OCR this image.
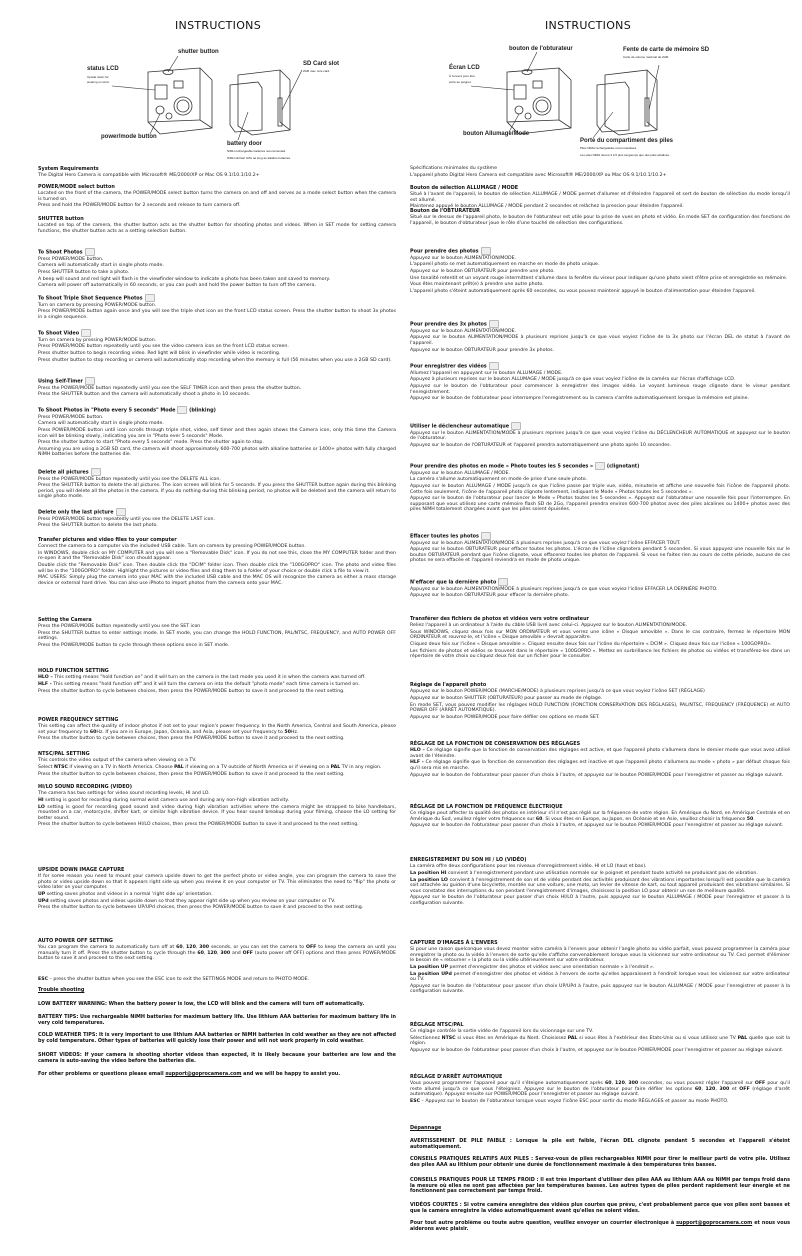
INSTRUCTIONS
shutter button
status LCD
Upside down for
wearing on wrist.
SD Card slot
2GB max. size card.
power/mode button
battery door
NiMH rechargeable batteries recommended.
NiMH will last 4x5x as long as alkaline batteries.
System Requirements

The Digital Hero Camera is compatible with Microsoft® ME/2000/XP or Mac OS 9.1/10.1/10.2+

POWER/MODE select button

Located on the front of the camera, the POWER/MODE select button turns the camera on and off and serves as a mode select button when the camera is turned on.

Press and hold the POWER/MODE button for 2 seconds and release to turn camera off.

SHUTTER button

Located on top of the camera, the shutter button acts as the shutter button for shooting photos and videos. When in SET mode for setting camera functions, the shutter button acts as a setting selection button.

To Shoot Photos

Press POWER/MODE button.

Camera will automatically start in single photo mode.

Press SHUTTER button to take a photo.

A beep will sound and red light will flash in the viewfinder window to indicate a photo has been taken and saved to memory.

Camera will power off automatically in 60 seconds, or you can push and hold the power button to turn off the camera.

To Shoot Triple Shot Sequence Photos

Turn on camera by pressing POWER/MODE button.

Press POWER/MODE button again once and you will see the triple shot icon on the front LCD status screen. Press the shutter button to shoot 3x photos in a single sequence.

To Shoot Video

Turn on camera by pressing POWER/MODE button.

Press POWER/MODE button repeatedly until you see the video camera icon on the front LCD status screen.

Press shutter button to begin recording video. Red light will blink in viewfinder while video is recording.

Press shutter button to stop recording or camera will automatically stop recording when the memory is full (56 minutes when you use a 2GB SD card).

Using Self-Timer

Press the POWER/MODE button repeatedly until you see the SELF TIMER icon and then press the shutter button.

Press the SHUTTER button and the camera will automatically shoot a photo in 10 seconds.

To Shoot Photos in "Photo every 5 seconds" Mode (blinking)

Press POWER/MODE button.

Camera will automatically start in single photo mode.

Press POWER/MODE button until icon scrolls through triple shot, video, self timer and then again shows the Camera icon, only this time the Camera icon will be blinking slowly, indicating you are in "Photo ever 5 seconds" Mode.

Press the shutter button to start "Photo every 5 seconds" mode. Press the shutter again to stop.

Assuming you are using a 2GB SD card, the camera will shoot approximately 600-700 photos with alkaline batteries or 1400+ photos with fully charged NiMH batteries before the batteries die.

Delete all pictures

Press the POWER/MODE button repeatedly until you see the DELETE ALL icon.

Press the SHUTTER button to delete the all pictures. The icon screen will blink for 5 seconds. If you press the SHUTTER button again during this blinking period, you will delete all the photos in the camera. If you do nothing during this blinking period, no photos will be deleted and the camera will return to single photo mode.

Delete only the last picture

Press POWER/MODE button repeatedly until you see the DELETE LAST icon.

Press the SHUTTER button to delete the last photo.

Transfer pictures and video files to your computer

Connect the camera to a computer via the included USB cable. Turn on camera by pressing POWER/MODE button.

In WINDOWS, double click on MY COMPUTER and you will see a "Removable Disk" icon. If you do not see this, close the MY COMPUTER folder and then re-open it and the "Removable Disk" icon should appear.

Double click the "Removable Disk" icon. Then double click the "DCIM" folder icon. Then double click the "100GOPRO" icon. The photo and video files will be in the "100GOPRO" folder. Highlight the pictures or video files and drag them to a folder of your choice or double click a file to view it.

MAC USERS: Simply plug the camera into your MAC with the included USB cable and the MAC OS will recognize the camera as either a mass storage device or external hard drive. You can also use iPhoto to import photos from the camera onto your MAC.

Setting the Camera

Press the POWER/MODE button repeatedly until you see the SET icon

Press the SHUTTER button to enter settings mode. In SET mode, you can change the HOLD FUNCTION, PAL/NTSC, FREQUENCY, and AUTO POWER OFF settings.

Press the POWER/MODE button to cycle through these options once in SET mode.

HOLD FUNCTION SETTING

HLO – This setting means "hold function on" and it will turn on the camera in the last mode you used it in when the camera was turned off.

HLF - This setting means "hold function off" and it will turn the camera on into the default "photo mode" each time camera is turned on.

Press the shutter button to cycle between choices, then press the POWER/MODE button to save it and proceed to the next setting.

POWER FREQUENCY SETTING

This setting can affect the quality of indoor photos if not set to your region's power frequency. In the North America, Central and South America, please set your frequency to 60Hz. If you are in Europe, Japan, Oceania, and Asia, please set your frequency to 50Hz.

Press the shutter button to cycle between choices, then press the POWER/MODE button to save it and proceed to the next setting.

NTSC/PAL SETTING

This controls the video output of the camera when viewing on a TV.

Select NTSC if viewing on a TV in North America. Choose PAL if viewing on a TV outside of North America or if viewing on a PAL TV in any region.

Press the shutter button to cycle between choices, then press the POWER/MODE button to save it and proceed to the next setting.

HI/LO SOUND RECORDING (VIDEO)

The camera has two settings for video sound recording levels, HI and LO.

HI setting is good for recording during normal wrist camera use and during any non-high vibration activity.

LO setting is good for recording good sound and video during high vibration activities where the camera might be strapped to bike handlebars, mounted on a car, motorcycle, shifter kart, or similar high vibration device. If you hear sound breakup during your filming, choose the LO setting for better sound.

Press the shutter button to cycle between HI/LO choices, then press the POWER/MODE button to save it and proceed to the next setting.

UPSIDE DOWN IMAGE CAPTURE

If for some reason you need to mount your camera upside down to get the perfect photo or video angle, you can program the camera to save the photo or video upside down so that it appears right side up when you review it on your computer or TV. This eliminates the need to "flip" the photo or video later on your computer.

UP setting saves photos and videos in a normal 'right side up' orientation.

UPd setting saves photos and videos upside down so that they appear right side up when you review on your computer or TV.

Press the shutter button to cycle between UP/UPd choices, then press the POWER/MODE button to save it and proceed to the next setting.

AUTO POWER OFF SETTING

You can program the camera to automatically turn off at 60, 120, 300 seconds, or you can set the camera to OFF to keep the camera on until you manually turn it off. Press the shutter button to cycle through the 60, 120, 300 and OFF (auto power off OFF) options and then press POWER/MODE button to save it and proceed to the next setting.

ESC – press the shutter button when you see the ESC icon to exit the SETTINGS MODE and return to PHOTO MODE.

Trouble shooting

LOW BATTERY WARNING: When the battery power is low, the LCD will blink and the camera will turn off automatically.

BATTERY TIPS: Use rechargeable NiMH batteries for maximum battery life. Use lithium AAA batteries for maximum battery life in very cold temperatures.

COLD WEATHER TIPS: It is very important to use lithium AAA batteries or NiMH batteries in cold weather as they are not affected by cold temperature. Other types of batteries will quickly lose their power and will not work properly in cold weather.

SHORT VIDEOS: If your camera is shooting shorter videos than expected, it is likely because your batteries are low and the camera is auto-saving the video before the batteries die.

For other problems or questions please email support@goprocamera.com and we will be happy to assist you.

INSTRUCTIONS
bouton de l'obturateur
Écran LCD
À l'envers pour être
porté au poignet.
Fente de carte de mémoire SD
Carte de volume maximal de 2GB.
bouton Allumage/Mode
Porte du compartiment des piles
Piles NiMH rechargeables recommandées.
Les piles NiMH durent 4 à 5 plus longtemps que des piles alcalines.

Spécifications minimales du système

L'appareil photo Digital Hero Camera est compatible avec Microsoft® ME/2000/XP ou Mac OS 9.1/10.1/10.2+

Bouton de sélection ALLUMAGE / MODE

Situé à l'avant de l'appareil, le bouton de sélection ALLUMAGE / MODE permet d'allumer et d'éteindre l'appareil et sert de bouton de sélection du mode lorsqu'il est allumé.

Maintenez appuyé le bouton ALLUMAGE / MODE pendant 2 secondes et relâchez la pression pour éteindre l'appareil.

Bouton de l'OBTURATEUR

Situé sur le dessus de l'appareil photo, le bouton de l'obturateur est utile pour la prise de vues en photo et vidéo. En mode SET de configuration des fonctions de l'appareil, le bouton d'obturateur joue le rôle d'une touché de sélection des configurations.

Pour prendre des photos

Appuyez sur le bouton ALIMENTATION/MODE.

L'appareil photo se met automatiquement en marche en mode de photo unique.

Appuyez sur le bouton OBTURATEUR pour prendre une photo.

Une tonalité retentit et un voyant rouge intermittent s'allume dans la fenêtre du viseur pour indiquer qu'une photo vient d'être prise et enregistrée en mémoire.

Vous êtes maintenant prêt(e) à prendre une autre photo.

L'appareil photo s'éteint automatiquement après 60 secondes, ou vous pouvez maintenir appuyé le bouton d'alimentation pour éteindre l'appareil.

Pour prendre des 3x photos

Appuyez sur le bouton ALIMENTATION/MODE.

Appuyez sur le bouton ALIMENTATION/MODE à plusieurs reprises jusqu'à ce que vous voyiez l'icône de la 3x photo sur l'écran DEL de statut à l'avant de l'appareil.

Appuyez sur le bouton OBTURATEUR pour prendre 3x photos.

Pour enregistrer des vidéos

Allumez l'appareil en appuyant sur le bouton ALLUMAGE / MODE.

Appuyez à plusieurs reprises sur le bouton ALLUMAGE / MODE jusqu'à ce que vous voyiez l'icône de la caméra sur l'écran d'affichage LCD.

Appuyez sur le bouton de l'obturateur pour commencer à enregistrer des images vidéo. Le voyant lumineux rouge clignote dans le viseur pendant l'enregistrement.

Appuyez sur le bouton de l'obturateur pour interrompre l'enregistrement ou la camera s'arrête automatiquement lorsque la mémoire est pleine.

Utiliser le déclencheur automatique

Appuyez sur le bouton ALIMENTATION/MODE à plusieurs reprises jusqu'à ce que vous voyiez l'icône du DÉCLENCHEUR AUTOMATIQUE et appuyez sur le bouton de l'obturateur.

Appuyez sur le bouton de l'OBTURATEUR et l'appareil prendra automatiquement une photo après 10 secondes.

Pour prendre des photos en mode « Photo toutes les 5 secondes » (clignotant)

Appuyez sur le bouton ALLUMAGE / MODE.

La caméra s'allume automatiquement en mode de prise d'une seule photo.

Appuyez sur le bouton ALLUMAGE / MODE jusqu'à ce que l'icône passe par triple vue, vidéo, minuterie et affiche une nouvelle fois l'icône de l'appareil photo. Cette fois seulement, l'icône de l'appareil photo clignote lentement, indiquant le Mode « Photos toutes les 5 secondes ».

Appuyez sur le bouton de l'obturateur pour lancer le Mode « Photos toutes les 5 secondes ». Appuyez sur l'obturateur une nouvelle fois pour l'interrompre. En supposant que vous utilisez une carte mémoire flash SD de 2Go, l'appareil prendra environ 600-700 photos avec des piles alcalines ou 1400+ photos avec des piles NiMH totalement chargées avant que les piles soient épuisées.

Effacer toutes les photos

Appuyez sur le bouton ALIMENTATION/MODE à plusieurs reprises jusqu'à ce que vous voyiez l'icône EFFACER TOUT.

Appuyez sur le bouton OBTURATEUR pour effacer toutes les photos. L'écran de l'icône clignotera pendant 5 secondes. Si vous appuyez une nouvelle fois sur le bouton OBTURATEUR pendant que l'icône clignote, vous effacerez toutes les photos de l'appareil. Si vous ne faites rien au cours de cette période, aucune de ces photos ne sera effacée et l'appareil reviendra en mode de photo unique.

N'effacer que la dernière photo

Appuyez sur le bouton ALIMENTATION/MODE à plusieurs reprises jusqu'à ce que vous voyiez l'icône EFFACER LA DERNIÈRE PHOTO.

Appuyez sur le bouton OBTURATEUR pour effacer la dernière photo.

Transférer des fichiers de photos et vidéos vers votre ordinateur

Reliez l'appareil à un ordinateur à l'aide du câble USB livré avec celui-ci. Appuyez sur le bouton ALIMENTATION/MODE.

Sous WINDOWS, cliquez deux fois sur MON ORDINATEUR et vous verrez une icône « Disque amovible ». Dans le cas contraire, fermez le répertoire MON ORDINATEUR et rouvrez-le, et l'icône « Disque amovible » devrait apparaître.

Cliquez deux fois sur l'icône « Disque amovible ». Cliquez ensuite deux fois sur l'icône du répertoire « DCIM ». Cliquez deux fois sur l'icône « 100GOPRO».

Les fichiers de photos et vidéos se trouvent dans le répertoire « 100GOPRO ». Mettez en surbrillance les fichiers de photos ou vidéos et transférez-les dans un répertoire de votre choix ou cliquez deux fois sur un fichier pour le consulter.

Réglage de l'appareil photo

Appuyez sur le bouton POWER/MODE (MARCHE/MODE) à plusieurs reprises jusqu'à ce que vous voyiez l'icône SET (RÉGLAGE)

Appuyez sur le bouton SHUTTER (OBTURATEUR) pour passer au mode de réglage.

En mode SET, vous pouvez modifier les réglages HOLD FUNCTION (FONCTION CONSERVATION DES RÉGLAGES), PAL/NTSC, FREQUENCY (FRÉQUENCE) et AUTO POWER OFF (ARRÊT AUTOMATIQUE).

Appuyez sur le bouton POWER/MODE pour faire défiler ces options en mode SET.

RÉGLAGE DE LA FONCTION DE CONSERVATION DES RÉGLAGES

HLO – Ce réglage signifie que la fonction de conservation des réglages est active, et que l'appareil photo s'allumera dans le dernier mode que vous avez utilisé avant de l'éteindre.

HLF - Ce réglage signifie que la fonction de conservation des réglages est inactive et que l'appareil photo s'allumera au mode « photo » par défaut chaque fois qu'il sera mis en marche.

Appuyez sur le bouton de l'obturateur pour passer d'un choix à l'autre, et appuyez sur le bouton POWER/MODE pour l'enregistrer et passer au réglage suivant.

RÉGLAGE DE LA FONCTION DE FRÉQUENCE ÉLECTRIQUE

Ce réglage peut affecter la qualité des photos en intérieur s'il n'est pas réglé sur la fréquence de votre région. En Amérique du Nord, en Amérique Centrale et en Amérique du Sud, veuillez régler votre fréquence sur 60. Si vous êtes en Europe, au Japon, en Océanie et en Asie, veuillez choisir la fréquence 50.

Appuyez sur le bouton de l'obturateur pour passer d'un choix à l'autre, et appuyez sur le bouton POWER/MODE pour l'enregistrer et passer au réglage suivant.

ENREGISTREMENT DU SON HI / LO (VIDÉO)

La caméra offre deux configurations pour les niveaux d'enregistrement vidéo. HI et LO (haut et bas).

La position HI convient à l'enregistrement pendant une utilisation normale sur le poignet et pendant toute activité ne produisant pas de vibration.

La position LO convient à l'enregistrement de son et de vidéo pendant des activités produisant des vibrations importantes lorsqu'il est possible que la caméra soit attachée au guidon d'une bicyclette, montée sur une voiture, une moto, un levier de vitesse de kart, ou tout appareil produisant des vibrations similaires. Si vous constatez des interruptions du son pendant l'enregistrement d'images, choisissez la position LO pour obtenir un son de meilleure qualité.

Appuyez sur le bouton de l'obturateur pour passer d'un choix HI/LO à l'autre, puis appuyez sur le bouton ALLUMAGE / MODE pour l'enregistrer et passer à la configuration suivante.

CAPTURE D'IMAGES À L'ENVERS

Si pour une raison quelconque vous devez monter votre caméra à l'envers pour obtenir l'angle photo ou vidéo parfait, vous pouvez programmer la caméra pour enregistrer la photo ou la vidéo à l'envers de sorte qu'elle s'affiche convenablement lorsque vous la visionnez sur votre ordinateur ou TV. Ceci permet d'éliminer le besoin de « retourner » la photo ou la vidéo ultérieurement sur votre ordinateur.

La position UP permet d'enregistrer des photos et vidéos avec une orientation normale « à l'endroit ».

La position UPd permet d'enregistrer des photos et vidéos à l'envers de sorte qu'elles apparaissent à l'endroit lorsque vous les visionnez sur votre ordinateur ou TV.

Appuyez sur le bouton de l'obturateur pour passer d'un choix UP/UPd à l'autre, puis appuyez sur le bouton ALLUMAGE / MODE pour l'enregistrer et passer à la configuration suivante.

RÉGLAGE NTSC/PAL

Ce réglage contrôle la sortie vidéo de l'appareil lors du visionnage sur une TV.

Sélectionnez NTSC si vous êtes en Amérique du Nord. Choisissez PAL si vous êtes à l'extérieur des Etats-Unis ou si vous utilisez une TV PAL quelle que soit la région.

Appuyez sur le bouton de l'obturateur pour passer d'un choix à l'autre, et appuyez sur le bouton POWER/MODE pour l'enregistrer et passer au réglage suivant.

RÉGLAGE D'ARRÊT AUTOMATIQUE

Vous pouvez programmer l'appareil pour qu'il s'éteigne automatiquement après 60, 120, 300 secondes, ou vous pouvez régler l'appareil sur OFF pour qu'il reste allumé jusqu'à ce que vous l'éteigniez. Appuyez sur le bouton de l'obturateur pour faire défiler les options 60, 120, 300 et OFF (réglage d'arrêt automatique). Appuyez ensuite sur POWER/MODE pour l'enregistrer et passer au réglage suivant.

ESC – Appuyez sur le bouton de l'obturateur lorsque vous voyez l'icône ESC pour sortir du mode RÉGLAGES et passer au mode PHOTO.

Dépannage

AVERTISSEMENT DE PILE FAIBLE : Lorsque la pile est faible, l'écran DEL clignote pendant 5 secondes et l'appareil s'éteint automatiquement.

CONSEILS PRATIQUES RELATIFS AUX PILES : Servez-vous de piles rechargeables NiMH pour tirer le meilleur parti de votre pile. Utilisez des piles AAA au lithium pour obtenir une durée de fonctionnement maximale à des températures très basses.

CONSEILS PRATIQUES POUR LE TEMPS FROID : Il est très important d'utiliser des piles AAA au lithium AAA ou NiMH par temps froid dans la mesure où elles ne sont pas affectées par les températures basses. Les autres types de piles perdent rapidement leur énergie et ne fonctionnent pas correctement par temps froid.

VIDÉOS COURTES : Si votre caméra enregistre des vidéos plus courtes que prévu, c'est probablement parce que vos piles sont basses et que la caméra enregistre la vidéo automatiquement avant qu'elles ne soient vides.

Pour tout autre problème ou toute autre question, veuillez envoyer un courrier électronique à support@goprocamera.com et nous vous aiderons avec plaisir.
